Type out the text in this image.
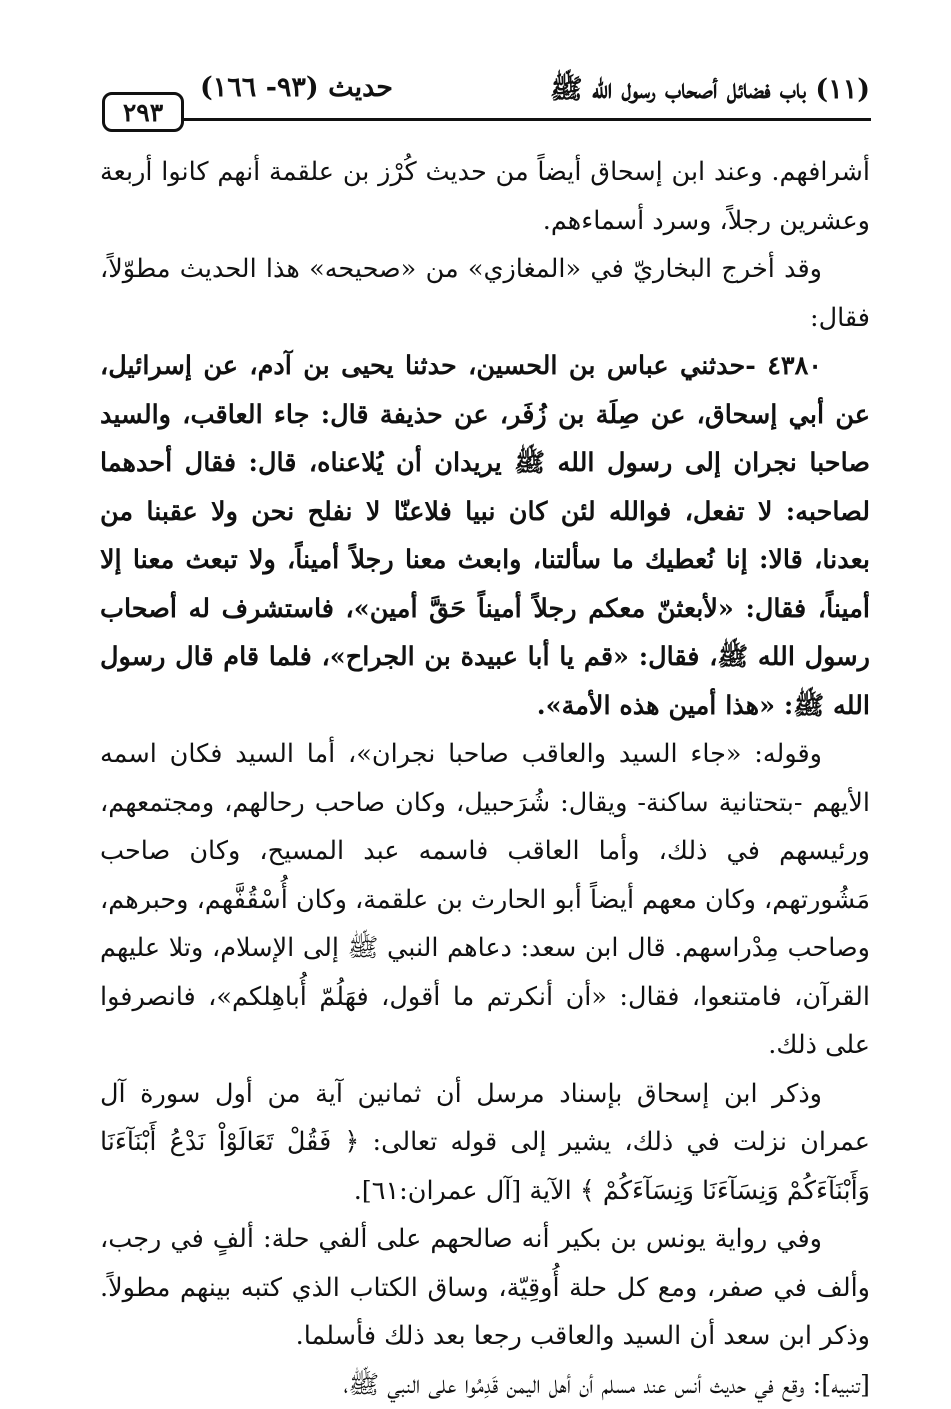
(١١) باب فضائل أصحاب رسول الله ﷺ
حديث (٩٣- ١٦٦)
٢٩٣

أشرافهم. وعند ابن إسحاق أيضاً من حديث كُرْز بن علقمة أنهم كانوا أربعة وعشرين رجلاً، وسرد أسماءهم.

وقد أخرج البخاريّ في «المغازي» من «صحيحه» هذا الحديث مطوّلاً، فقال:

٤٣٨٠ -حدثني عباس بن الحسين، حدثنا يحيى بن آدم، عن إسرائيل، عن أبي إسحاق، عن صِلَة بن زُفَر، عن حذيفة قال: جاء العاقب، والسيد صاحبا نجران إلى رسول الله ﷺ يريدان أن يُلاعناه، قال: فقال أحدهما لصاحبه: لا تفعل، فوالله لئن كان نبيا فلاعنّا لا نفلح نحن ولا عقبنا من بعدنا، قالا: إنا نُعطيك ما سألتنا، وابعث معنا رجلاً أميناً، ولا تبعث معنا إلا أميناً، فقال: «لأبعثنّ معكم رجلاً أميناً حَقَّ أمين»، فاستشرف له أصحاب رسول الله ﷺ، فقال: «قم يا أبا عبيدة بن الجراح»، فلما قام قال رسول الله ﷺ: «هذا أمين هذه الأمة».

وقوله: «جاء السيد والعاقب صاحبا نجران»، أما السيد فكان اسمه الأيهم -بتحتانية ساكنة- ويقال: شُرَحبيل، وكان صاحب رحالهم، ومجتمعهم، ورئيسهم في ذلك، وأما العاقب فاسمه عبد المسيح، وكان صاحب مَشُورتهم، وكان معهم أيضاً أبو الحارث بن علقمة، وكان أُسْقُفَّهم، وحبرهم، وصاحب مِدْراسهم. قال ابن سعد: دعاهم النبي ﷺ إلى الإسلام، وتلا عليهم القرآن، فامتنعوا، فقال: «أن أنكرتم ما أقول، فهَلُمّ أُباهِلكم»، فانصرفوا على ذلك.

وذكر ابن إسحاق بإسناد مرسل أن ثمانين آية من أول سورة آل عمران نزلت في ذلك، يشير إلى قوله تعالى: ﴿ فَقُلْ تَعَالَوْاْ نَدْعُ أَبْنَآءَنَا وَأَبْنَآءَكُمْ وَنِسَآءَنَا وَنِسَآءَكُمْ ﴾ الآية [آل عمران:٦١].

وفي رواية يونس بن بكير أنه صالحهم على ألفي حلة: ألفٍ في رجب، وألف في صفر، ومع كل حلة أُوقِيّة، وساق الكتاب الذي كتبه بينهم مطولاً. وذكر ابن سعد أن السيد والعاقب رجعا بعد ذلك فأسلما.

[تنبيه]: وقع في حديث أنس عند مسلم أن أهل اليمن قَدِمُوا على النبي ﷺ،
